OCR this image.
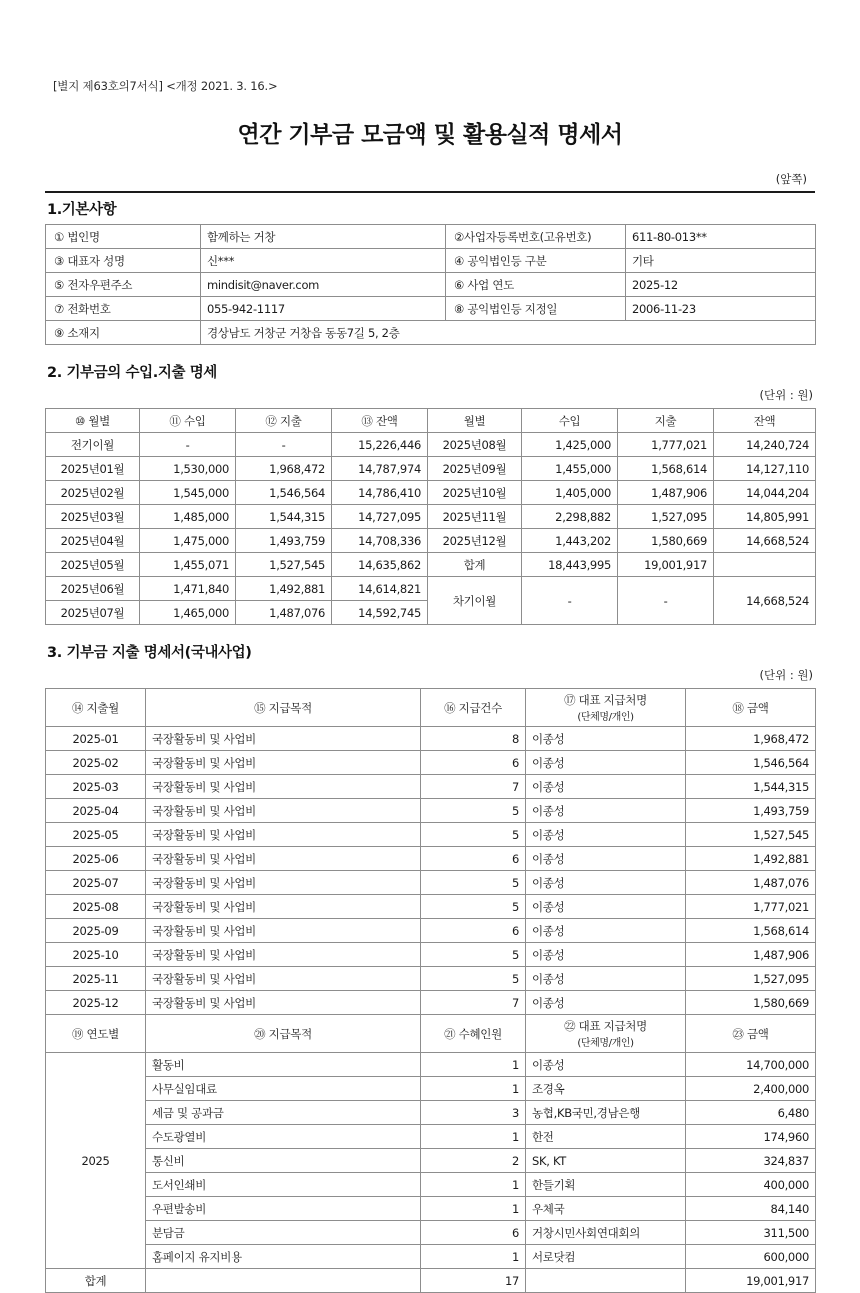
[별지 제63호의7서식] <개정 2021. 3. 16.>
연간 기부금 모금액 및 활용실적 명세서
(앞쪽)
1.기본사항
① 법인명	함께하는 거창	②사업자등록번호(고유번호)	611-80-013**
③ 대표자 성명	신***	④ 공익법인등 구분	기타
⑤ 전자우편주소	mindisit@naver.com	⑥ 사업 연도	2025-12
⑦ 전화번호	055-942-1117	⑧ 공익법인등 지정일	2006-11-23
⑨ 소재지	경상남도 거창군 거창읍 동동7길 5, 2층		
2. 기부금의 수입.지출 명세
(단위 : 원)
⑩ 월별	⑪ 수입	⑫ 지출	⑬ 잔액	월별	수입	지출	잔액
전기이월	-	-	15,226,446	2025년08월	1,425,000	1,777,021	14,240,724
2025년01월	1,530,000	1,968,472	14,787,974	2025년09월	1,455,000	1,568,614	14,127,110
2025년02월	1,545,000	1,546,564	14,786,410	2025년10월	1,405,000	1,487,906	14,044,204
2025년03월	1,485,000	1,544,315	14,727,095	2025년11월	2,298,882	1,527,095	14,805,991
2025년04월	1,475,000	1,493,759	14,708,336	2025년12월	1,443,202	1,580,669	14,668,524
2025년05월	1,455,071	1,527,545	14,635,862	합계	18,443,995	19,001,917	
2025년06월	1,471,840	1,492,881	14,614,821	차기이월	-	-	14,668,524
2025년07월	1,465,000	1,487,076	14,592,745				
3. 기부금 지출 명세서(국내사업)
(단위 : 원)
⑭ 지출월	⑮ 지급목적	⑯ 지급건수	⑰ 대표 지급처명
(단체명/개인)	⑱ 금액
2025-01	국장활동비 및 사업비	8	이종성	1,968,472
2025-02	국장활동비 및 사업비	6	이종성	1,546,564
2025-03	국장활동비 및 사업비	7	이종성	1,544,315
2025-04	국장활동비 및 사업비	5	이종성	1,493,759
2025-05	국장활동비 및 사업비	5	이종성	1,527,545
2025-06	국장활동비 및 사업비	6	이종성	1,492,881
2025-07	국장활동비 및 사업비	5	이종성	1,487,076
2025-08	국장활동비 및 사업비	5	이종성	1,777,021
2025-09	국장활동비 및 사업비	6	이종성	1,568,614
2025-10	국장활동비 및 사업비	5	이종성	1,487,906
2025-11	국장활동비 및 사업비	5	이종성	1,527,095
2025-12	국장활동비 및 사업비	7	이종성	1,580,669
⑲ 연도별	⑳ 지급목적	㉑ 수혜인원	㉒ 대표 지급처명
(단체명/개인)	㉓ 금액
2025	활동비	1	이종성	14,700,000
	사무실임대료	1	조경옥	2,400,000
	세금 및 공과금	3	농협,KB국민,경남은행	6,480
	수도광열비	1	한전	174,960
	통신비	2	SK, KT	324,837
	도서인쇄비	1	한들기획	400,000
	우편발송비	1	우체국	84,140
	분담금	6	거창시민사회연대회의	311,500
	홈페이지 유지비용	1	서로닷컴	600,000
합계		17		19,001,917
